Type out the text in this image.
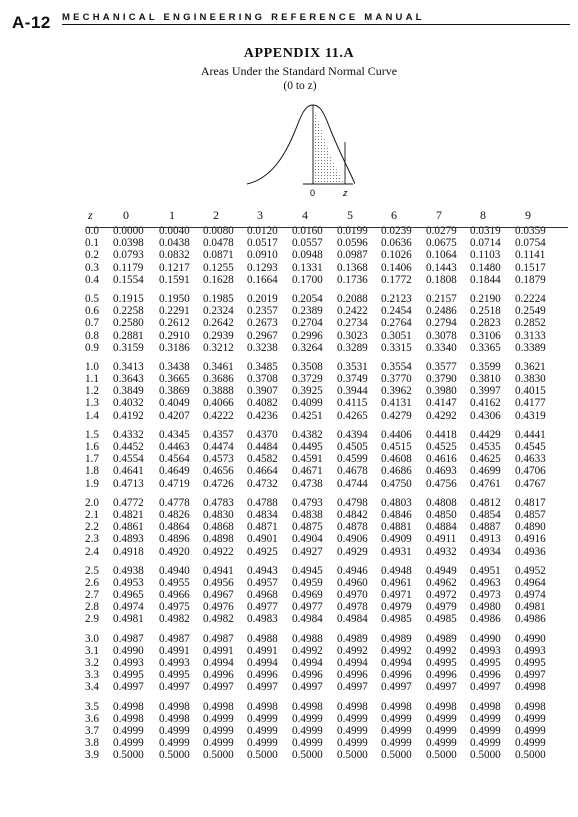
A-12 MECHANICAL ENGINEERING REFERENCE MANUAL
APPENDIX 11.A
Areas Under the Standard Normal Curve
(0 to z)
0	z
z	0	1	2	3	4	5	6	7	8	9
0.0 0.0000 0.0040 0.0080 0.0120 0.0160 0.0199 0.0239 0.0279 0.0319 0.0359
0.1 0.0398 0.0438 0.0478 0.0517 0.0557 0.0596 0.0636 0.0675 0.0714 0.0754
0.2 0.0793 0.0832 0.0871 0.0910 0.0948 0.0987 0.1026 0.1064 0.1103 0.1141
0.3 0.1179 0.1217 0.1255 0.1293 0.1331 0.1368 0.1406 0.1443 0.1480 0.1517
0.4 0.1554 0.1591 0.1628 0.1664 0.1700 0.1736 0.1772 0.1808 0.1844 0.1879
0.5 0.1915 0.1950 0.1985 0.2019 0.2054 0.2088 0.2123 0.2157 0.2190 0.2224
0.6 0.2258 0.2291 0.2324 0.2357 0.2389 0.2422 0.2454 0.2486 0.2518 0.2549
0.7 0.2580 0.2612 0.2642 0.2673 0.2704 0.2734 0.2764 0.2794 0.2823 0.2852
0.8 0.2881 0.2910 0.2939 0.2967 0.2996 0.3023 0.3051 0.3078 0.3106 0.3133
0.9 0.3159 0.3186 0.3212 0.3238 0.3264 0.3289 0.3315 0.3340 0.3365 0.3389
1.0 0.3413 0.3438 0.3461 0.3485 0.3508 0.3531 0.3554 0.3577 0.3599 0.3621
1.1 0.3643 0.3665 0.3686 0.3708 0.3729 0.3749 0.3770 0.3790 0.3810 0.3830
1.2 0.3849 0.3869 0.3888 0.3907 0.3925 0.3944 0.3962 0.3980 0.3997 0.4015
1.3 0.4032 0.4049 0.4066 0.4082 0.4099 0.4115 0.4131 0.4147 0.4162 0.4177
1.4 0.4192 0.4207 0.4222 0.4236 0.4251 0.4265 0.4279 0.4292 0.4306 0.4319
1.5 0.4332 0.4345 0.4357 0.4370 0.4382 0.4394 0.4406 0.4418 0.4429 0.4441
1.6 0.4452 0.4463 0.4474 0.4484 0.4495 0.4505 0.4515 0.4525 0.4535 0.4545
1.7 0.4554 0.4564 0.4573 0.4582 0.4591 0.4599 0.4608 0.4616 0.4625 0.4633
1.8 0.4641 0.4649 0.4656 0.4664 0.4671 0.4678 0.4686 0.4693 0.4699 0.4706
1.9 0.4713 0.4719 0.4726 0.4732 0.4738 0.4744 0.4750 0.4756 0.4761 0.4767
2.0 0.4772 0.4778 0.4783 0.4788 0.4793 0.4798 0.4803 0.4808 0.4812 0.4817
2.1 0.4821 0.4826 0.4830 0.4834 0.4838 0.4842 0.4846 0.4850 0.4854 0.4857
2.2 0.4861 0.4864 0.4868 0.4871 0.4875 0.4878 0.4881 0.4884 0.4887 0.4890
2.3 0.4893 0.4896 0.4898 0.4901 0.4904 0.4906 0.4909 0.4911 0.4913 0.4916
2.4 0.4918 0.4920 0.4922 0.4925 0.4927 0.4929 0.4931 0.4932 0.4934 0.4936
2.5 0.4938 0.4940 0.4941 0.4943 0.4945 0.4946 0.4948 0.4949 0.4951 0.4952
2.6 0.4953 0.4955 0.4956 0.4957 0.4959 0.4960 0.4961 0.4962 0.4963 0.4964
2.7 0.4965 0.4966 0.4967 0.4968 0.4969 0.4970 0.4971 0.4972 0.4973 0.4974
2.8 0.4974 0.4975 0.4976 0.4977 0.4977 0.4978 0.4979 0.4979 0.4980 0.4981
2.9 0.4981 0.4982 0.4982 0.4983 0.4984 0.4984 0.4985 0.4985 0.4986 0.4986
3.0 0.4987 0.4987 0.4987 0.4988 0.4988 0.4989 0.4989 0.4989 0.4990 0.4990
3.1 0.4990 0.4991 0.4991 0.4991 0.4992 0.4992 0.4992 0.4992 0.4993 0.4993
3.2 0.4993 0.4993 0.4994 0.4994 0.4994 0.4994 0.4994 0.4995 0.4995 0.4995
3.3 0.4995 0.4995 0.4996 0.4996 0.4996 0.4996 0.4996 0.4996 0.4996 0.4997
3.4 0.4997 0.4997 0.4997 0.4997 0.4997 0.4997 0.4997 0.4997 0.4997 0.4998
3.5 0.4998 0.4998 0.4998 0.4998 0.4998 0.4998 0.4998 0.4998 0.4998 0.4998
3.6 0.4998 0.4998 0.4999 0.4999 0.4999 0.4999 0.4999 0.4999 0.4999 0.4999
3.7 0.4999 0.4999 0.4999 0.4999 0.4999 0.4999 0.4999 0.4999 0.4999 0.4999
3.8 0.4999 0.4999 0.4999 0.4999 0.4999 0.4999 0.4999 0.4999 0.4999 0.4999
3.9 0.5000 0.5000 0.5000 0.5000 0.5000 0.5000 0.5000 0.5000 0.5000 0.5000
